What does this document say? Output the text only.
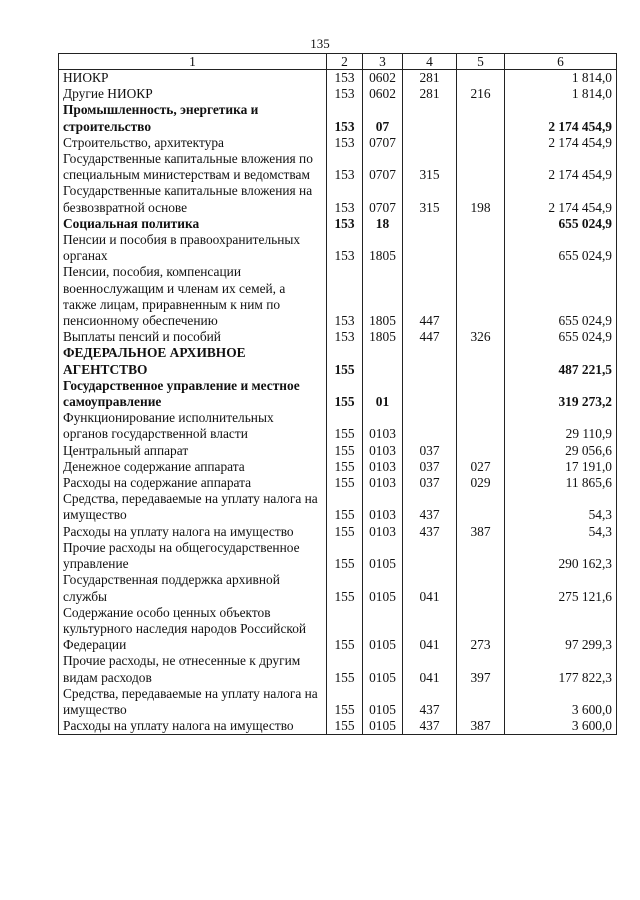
135
1	2	3	4	5	6
НИОКР	153	0602	281		1 814,0
Другие НИОКР	153	0602	281	216	1 814,0
Промышленность, энергетика и строительство	153	07			2 174 454,9
Строительство, архитектура	153	0707			2 174 454,9
Государственные капитальные вложения по специальным министерствам и ведомствам	153	0707	315		2 174 454,9
Государственные капитальные вложения на безвозвратной основе	153	0707	315	198	2 174 454,9
Социальная политика	153	18			655 024,9
Пенсии и пособия в правоохранительных органах	153	1805			655 024,9
Пенсии, пособия, компенсации военнослужащим и членам их семей, а также лицам, приравненным к ним по пенсионному обеспечению	153	1805	447		655 024,9
Выплаты пенсий и пособий	153	1805	447	326	655 024,9
ФЕДЕРАЛЬНОЕ АРХИВНОЕ АГЕНТСТВО	155				487 221,5
Государственное управление и местное самоуправление	155	01			319 273,2
Функционирование исполнительных органов государственной власти	155	0103			29 110,9
Центральный аппарат	155	0103	037		29 056,6
Денежное содержание аппарата	155	0103	037	027	17 191,0
Расходы на содержание аппарата	155	0103	037	029	11 865,6
Средства, передаваемые на уплату налога на имущество	155	0103	437		54,3
Расходы на уплату налога на имущество	155	0103	437	387	54,3
Прочие расходы на общегосударственное управление	155	0105			290 162,3
Государственная поддержка архивной службы	155	0105	041		275 121,6
Содержание особо ценных объектов культурного наследия народов Российской Федерации	155	0105	041	273	97 299,3
Прочие расходы, не отнесенные к другим видам расходов	155	0105	041	397	177 822,3
Средства, передаваемые на уплату налога на имущество	155	0105	437		3 600,0
Расходы на уплату налога на имущество	155	0105	437	387	3 600,0
